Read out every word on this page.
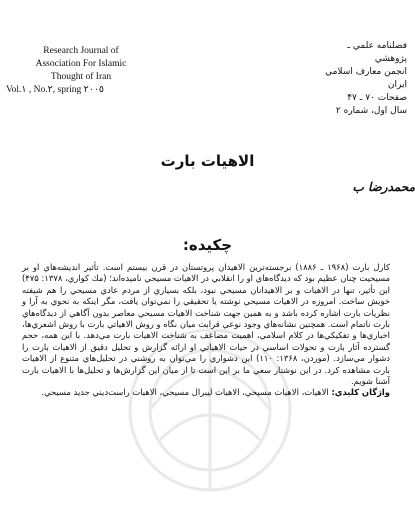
Research Journal of
Association For Islamic
Thought of Iran
Vol.١ , No.٢, spring ٢٠٠٥
فصلنامه علمي ـ
پژوهشي
انجمن معارف اسلامي
ايران
صفحات ۷۰ ـ ۴۷
سال اول، شماره ۲
الاهيات بارت
محمدرضا ب
چكيده:

كارل بارت (۱۹۶۸ ـ ۱۸۸۶) برجسته‌ترين الاهيدان پروتستان در قرن بيستم است. تأثير انديشه‌هاي او بر مسيحيت چنان عظيم بود كه ديدگاه‌هاي او را انقلابي در الاهيات مسيحي ناميده‌اند؛ (مك كواري، ۱۳۷۸: ۴۷۵) اين تأثير، تنها در الاهيات و بر الاهيدانان مسيحي نبود، بلكه بسياري از مردم عادي مسيحي را هم شيفته خويش ساخت. امروزه در الاهيات مسيحي نوشته يا تحقيقي را نمي‌توان يافت، مگر اينكه به نحوي به آرا و نظريات بارت اشاره كرده باشد و به همين جهت شناخت الاهيات مسيحي معاصر بدون آگاهي از ديدگاه‌هاي بارت ناتمام است. همچنين نشانه‌هاي وجود نوعي قرابت ميان نگاه و روش الاهياتي بارت با روش اشعري‌ها، اخباري‌ها و تفكيكي‌ها در كلام اسلامي، اهميت مضاعف به شناخت الاهيات بارت مي‌دهد. با اين همه، حجم گسترده آثار بارت و تحولات اساسي در حيات الاهياتي او ارائه گزارش و تحليل دقيق از الاهيات بارت را دشوار مي‌سازد. (موردن، ۱۳۶۸: ۱۱۰) اين دشواري را مي‌توان به روشني در تحليل‌هاي متنوع از الاهيات بارت مشاهده كرد. در اين نوشتار سعي ما بر اين است تا از ميان اين گزارش‌ها و تحليل‌ها با الاهيات بارت آشنا شويم.

واژگان كليدي: الاهيات، الاهيات مسيحي، الاهيات ليبرال مسيحي، الاهيات راست‌ديني جديد مسيحي.
